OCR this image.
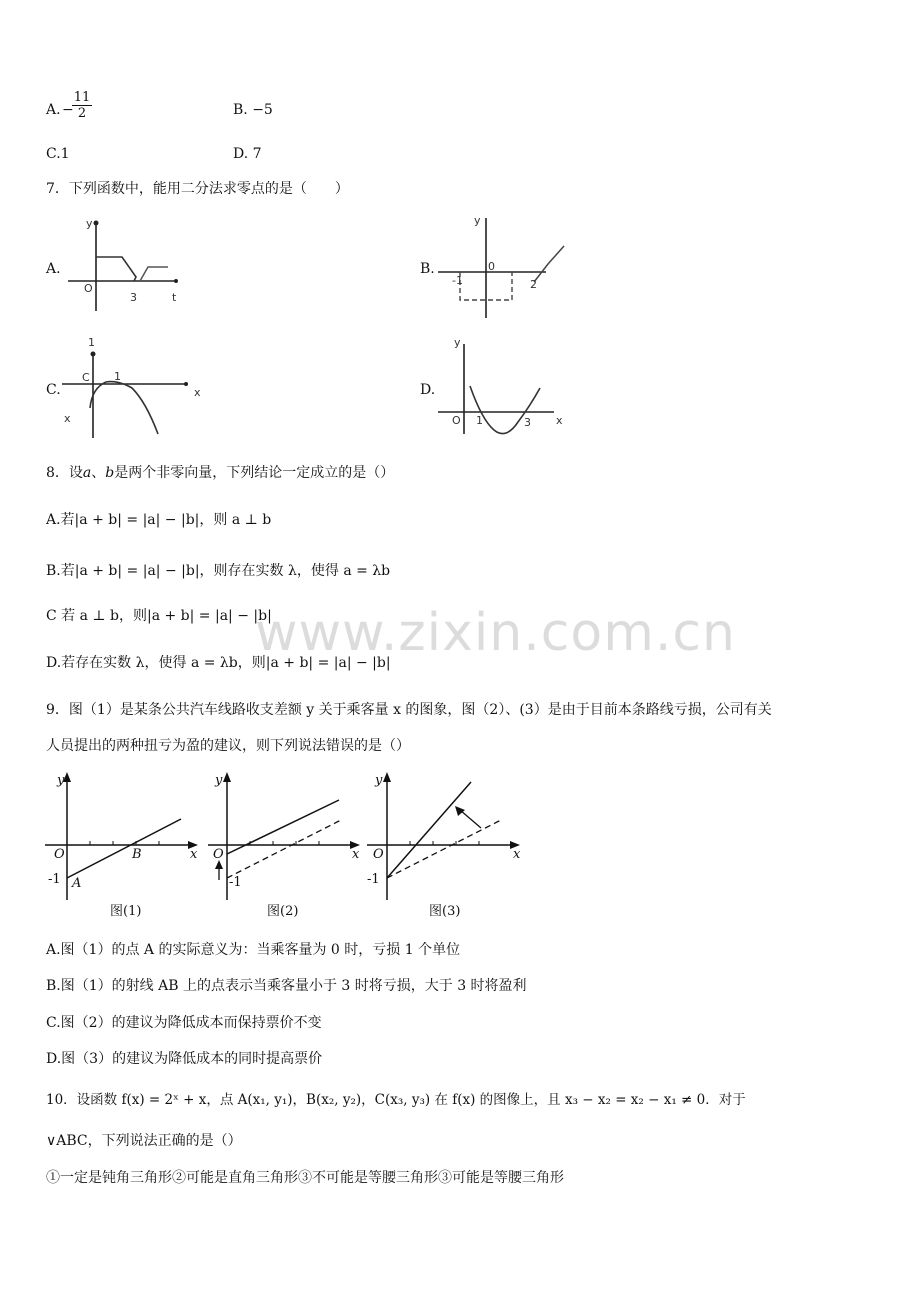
www.zixin.com.cn
A. −
$\frac{11}{2}$	B. −5
C.1	D. 7
7．下列函数中，能用二分法求零点的是（　　）
A.
y
O
3	t
B.
y
0
-1	2
C.
1
C 1
x
x
D.
y
O 1	3 x
8．设a、b是两个非零向量，下列结论一定成立的是（）
A.若|a + b| = |a| − |b|，则 a ⊥ b
B.若|a + b| = |a| − |b|，则存在实数 λ，使得 a = λb
C 若 a ⊥ b，则|a + b| = |a| − |b|
D.若存在实数 λ，使得 a = λb，则|a + b| = |a| − |b|
9．图（1）是某条公共汽车线路收支差额 y 关于乘客量 x 的图象，图（2）、(3）是由于目前本条路线亏损，公司有关
人员提出的两种扭亏为盈的建议，则下列说法错误的是（）
y
O	B	x
-1 A
图(1)
y
O	x
-1
图(2)
y
O	x
-1
图(3)
A.图（1）的点 A 的实际意义为：当乘客量为 0 时，亏损 1 个单位
B.图（1）的射线 AB 上的点表示当乘客量小于 3 时将亏损，大于 3 时将盈利
C.图（2）的建议为降低成本而保持票价不变
D.图（3）的建议为降低成本的同时提高票价
10．设函数 f(x) = 2ˣ + x，点 A(x₁, y₁)，B(x₂, y₂)，C(x₃, y₃) 在 f(x) 的图像上，且 x₃ − x₂ = x₂ − x₁ ≠ 0．对于
∨ABC，下列说法正确的是（）
①一定是钝角三角形②可能是直角三角形③不可能是等腰三角形③可能是等腰三角形
